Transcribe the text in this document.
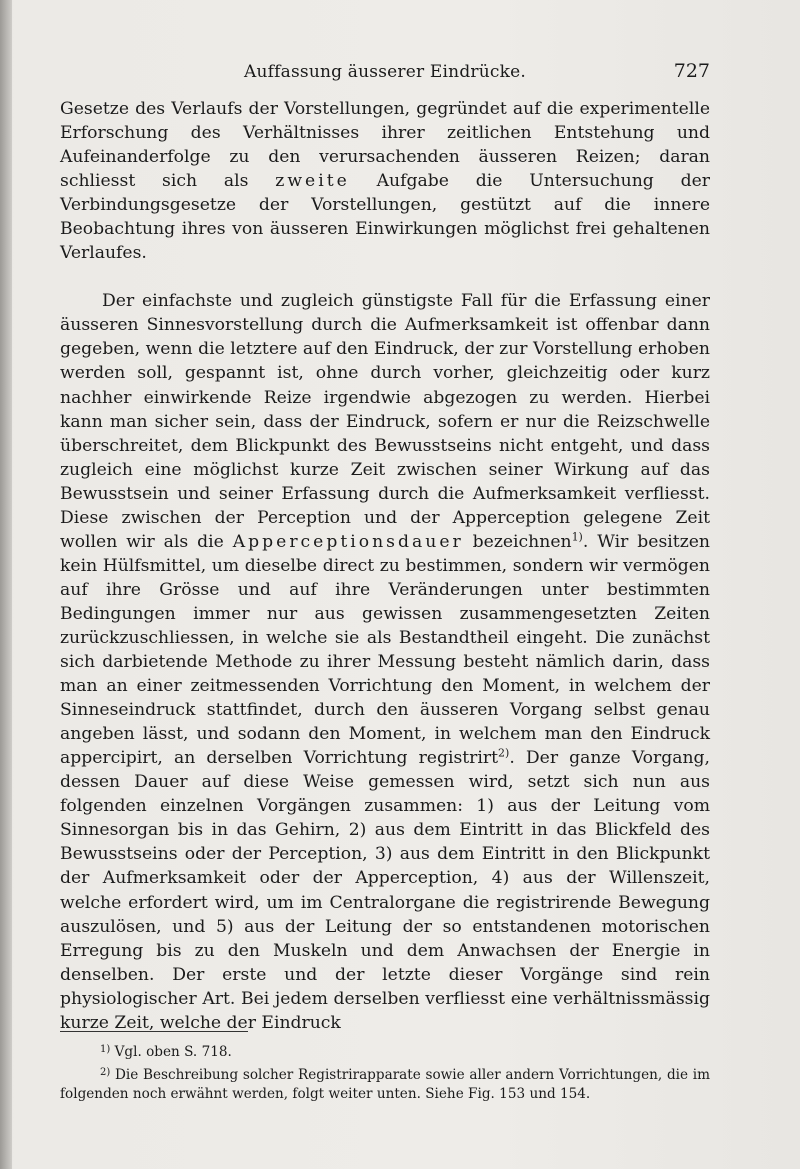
Auffassung äusserer Eindrücke.	727

Gesetze des Verlaufs der Vorstellungen, gegründet auf die experimentelle Erforschung des Verhältnisses ihrer zeitlichen Entstehung und Aufeinanderfolge zu den verursachenden äusseren Reizen; daran schliesst sich als zweite Aufgabe die Untersuchung der Verbindungsgesetze der Vorstellungen, gestützt auf die innere Beobachtung ihres von äusseren Einwirkungen möglichst frei gehaltenen Verlaufes.

Der einfachste und zugleich günstigste Fall für die Erfassung einer äusseren Sinnesvorstellung durch die Aufmerksamkeit ist offenbar dann gegeben, wenn die letztere auf den Eindruck, der zur Vorstellung erhoben werden soll, gespannt ist, ohne durch vorher, gleichzeitig oder kurz nachher einwirkende Reize irgendwie abgezogen zu werden. Hierbei kann man sicher sein, dass der Eindruck, sofern er nur die Reizschwelle überschreitet, dem Blickpunkt des Bewusstseins nicht entgeht, und dass zugleich eine möglichst kurze Zeit zwischen seiner Wirkung auf das Bewusstsein und seiner Erfassung durch die Aufmerksamkeit verfliesst. Diese zwischen der Perception und der Apperception gelegene Zeit wollen wir als die Apperceptionsdauer bezeichnen$^{1)}$. Wir besitzen kein Hülfsmittel, um dieselbe direct zu bestimmen, sondern wir vermögen auf ihre Grösse und auf ihre Veränderungen unter bestimmten Bedingungen immer nur aus gewissen zusammengesetzten Zeiten zurückzuschliessen, in welche sie als Bestandtheil eingeht. Die zunächst sich darbietende Methode zu ihrer Messung besteht nämlich darin, dass man an einer zeitmessenden Vorrichtung den Moment, in welchem der Sinneseindruck stattfindet, durch den äusseren Vorgang selbst genau angeben lässt, und sodann den Moment, in welchem man den Eindruck appercipirt, an derselben Vorrichtung registrirt$^{2)}$. Der ganze Vorgang, dessen Dauer auf diese Weise gemessen wird, setzt sich nun aus folgenden einzelnen Vorgängen zusammen: 1) aus der Leitung vom Sinnesorgan bis in das Gehirn, 2) aus dem Eintritt in das Blickfeld des Bewusstseins oder der Perception, 3) aus dem Eintritt in den Blickpunkt der Aufmerksamkeit oder der Apperception, 4) aus der Willenszeit, welche erfordert wird, um im Centralorgane die registrirende Bewegung auszulösen, und 5) aus der Leitung der so entstandenen motorischen Erregung bis zu den Muskeln und dem Anwachsen der Energie in denselben. Der erste und der letzte dieser Vorgänge sind rein physiologischer Art. Bei jedem derselben verfliesst eine verhältnissmässig kurze Zeit, welche der Eindruck

$^{1)}$ Vgl. oben S. 718.

$^{2)}$ Die Beschreibung solcher Registrirapparate sowie aller andern Vorrichtungen, die im folgenden noch erwähnt werden, folgt weiter unten. Siehe Fig. 153 und 154.
